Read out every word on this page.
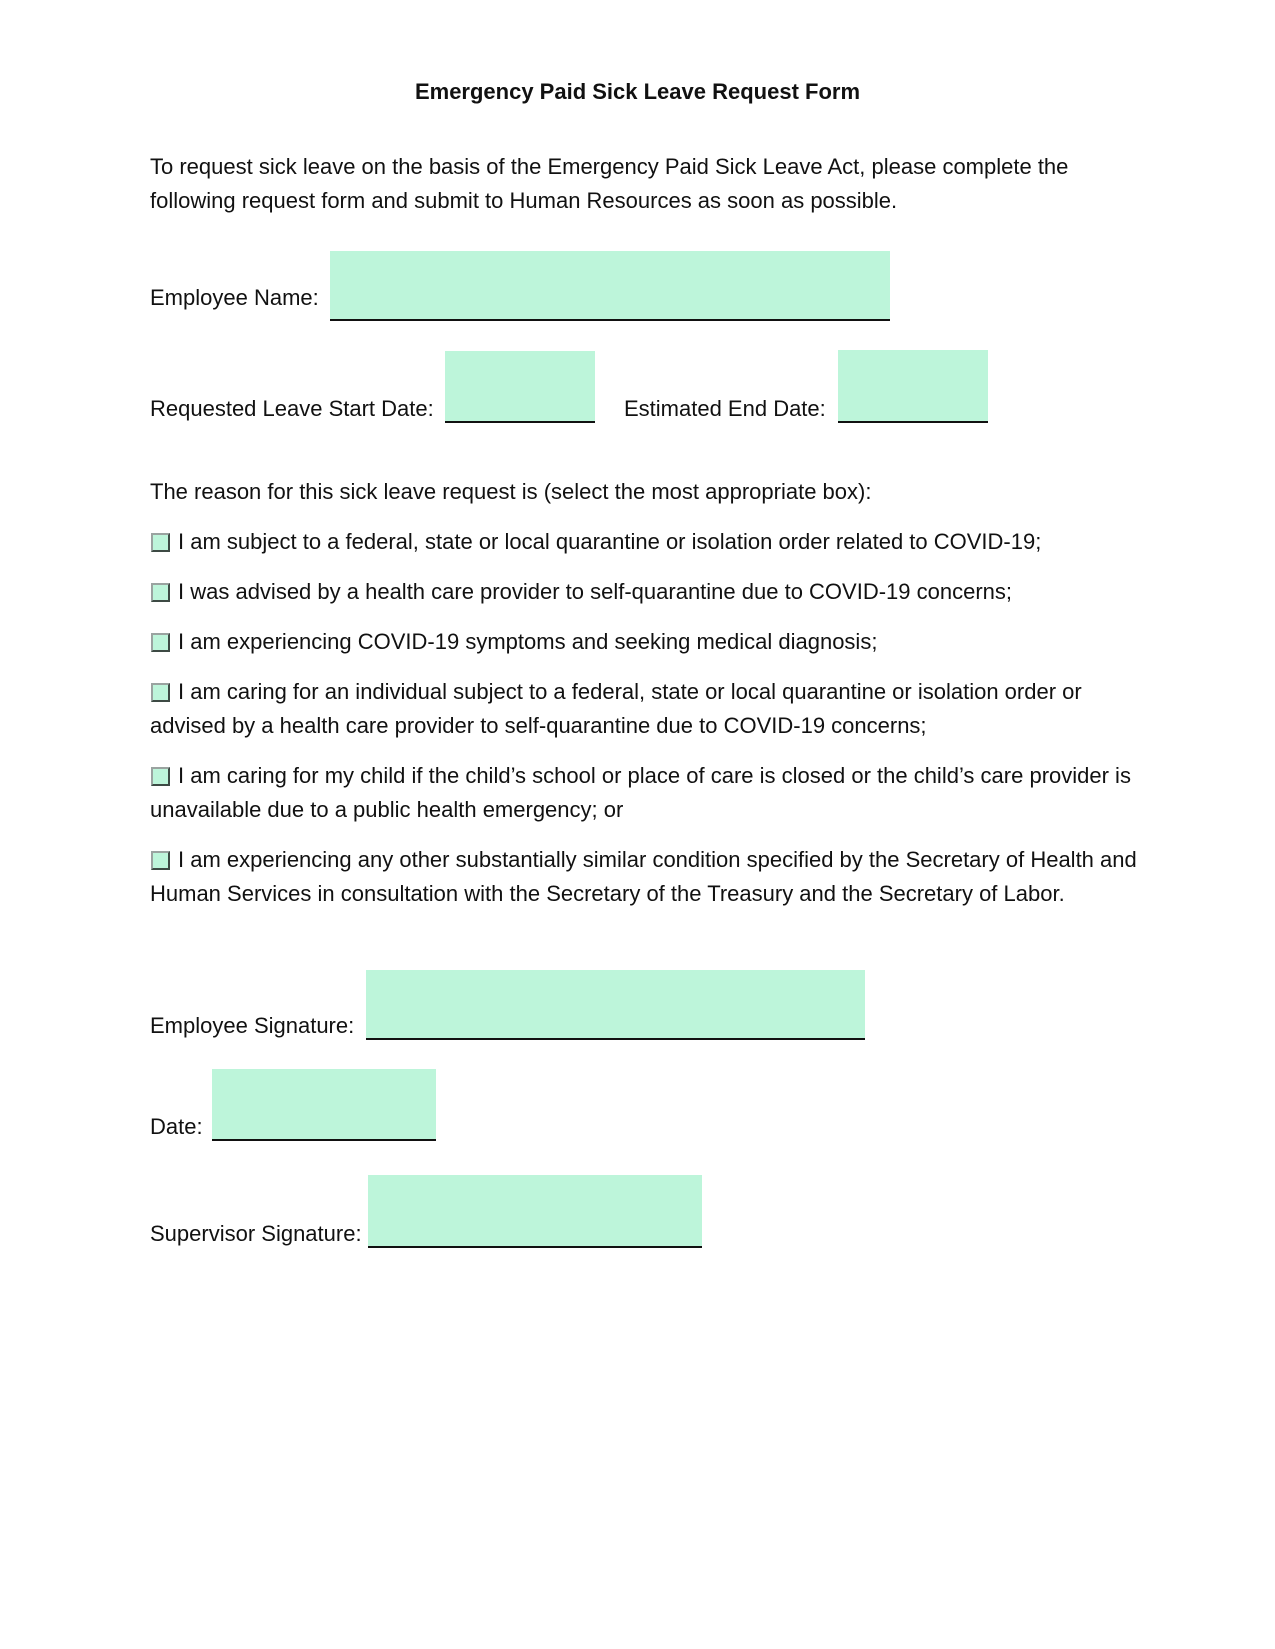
Emergency Paid Sick Leave Request Form
To request sick leave on the basis of the Emergency Paid Sick Leave Act, please complete the following request form and submit to Human Resources as soon as possible.
Employee Name:
Requested Leave Start Date:	Estimated End Date:
The reason for this sick leave request is (select the most appropriate box):
I am subject to a federal, state or local quarantine or isolation order related to COVID-19;
I was advised by a health care provider to self-quarantine due to COVID-19 concerns;
I am experiencing COVID-19 symptoms and seeking medical diagnosis;
I am caring for an individual subject to a federal, state or local quarantine or isolation order or advised by a health care provider to self-quarantine due to COVID-19 concerns;
I am caring for my child if the child’s school or place of care is closed or the child’s care provider is unavailable due to a public health emergency; or
I am experiencing any other substantially similar condition specified by the Secretary of Health and Human Services in consultation with the Secretary of the Treasury and the Secretary of Labor.
Employee Signature:
Date:
Supervisor Signature:
